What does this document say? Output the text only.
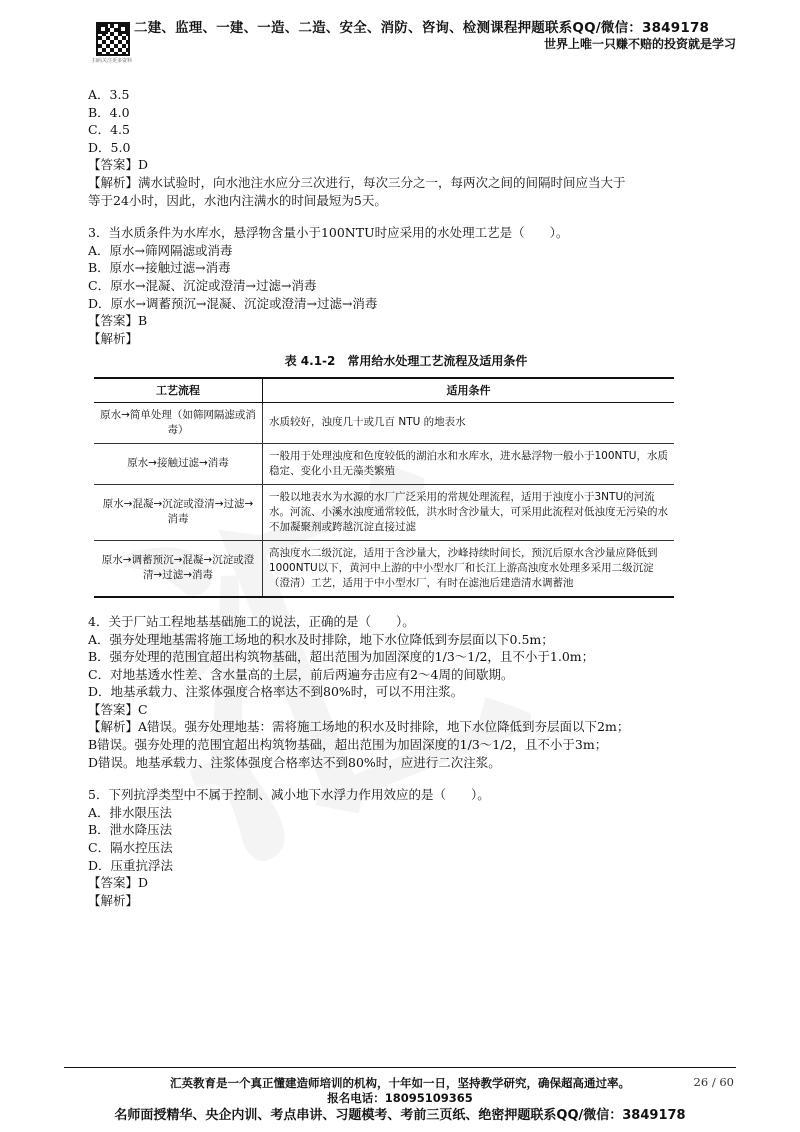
扫码关注更多资料
二建、监理、一建、一造、二造、安全、消防、咨询、检测课程押题联系QQ/微信：3849178
世界上唯一只赚不赔的投资就是学习
A．3.5
B．4.0
C．4.5
D．5.0
【答案】D
【解析】满水试验时，向水池注水应分三次进行，每次三分之一，每两次之间的间隔时间应当大于
等于24小时，因此，水池内注满水的时间最短为5天。
3．当水质条件为水库水，悬浮物含量小于100NTU时应采用的水处理工艺是（　　）。
A．原水→筛网隔滤或消毒
B．原水→接触过滤→消毒
C．原水→混凝、沉淀或澄清→过滤→消毒
D．原水→调蓄预沉→混凝、沉淀或澄清→过滤→消毒
【答案】B
【解析】
表 4.1-2　常用给水处理工艺流程及适用条件
工艺流程	适用条件
原水→简单处理（如筛网隔滤或消毒）	水质较好，浊度几十或几百 NTU 的地表水
原水→接触过滤→消毒	一般用于处理浊度和色度较低的湖泊水和水库水，进水悬浮物一般小于100NTU，水质稳定、变化小且无藻类繁殖
原水→混凝→沉淀或澄清→过滤→消毒	一般以地表水为水源的水厂广泛采用的常规处理流程，适用于浊度小于3NTU的河流水。河流、小溪水浊度通常较低，洪水时含沙量大，可采用此流程对低浊度无污染的水不加凝聚剂或跨越沉淀直接过滤
原水→调蓄预沉→混凝→沉淀或澄清→过滤→消毒	高浊度水二级沉淀，适用于含沙量大，沙峰持续时间长，预沉后原水含沙量应降低到1000NTU以下，黄河中上游的中小型水厂和长江上游高浊度水处理多采用二级沉淀（澄清）工艺，适用于中小型水厂，有时在滤池后建造清水调蓄池
4．关于厂站工程地基基础施工的说法，正确的是（　　）。
A．强夯处理地基需将施工场地的积水及时排除，地下水位降低到夯层面以下0.5m；
B．强夯处理的范围宜超出构筑物基础，超出范围为加固深度的1/3～1/2，且不小于1.0m；
C．对地基透水性差、含水量高的土层，前后两遍夯击应有2～4周的间歇期。
D．地基承载力、注浆体强度合格率达不到80%时，可以不用注浆。
【答案】C
【解析】A错误。强夯处理地基：需将施工场地的积水及时排除，地下水位降低到夯层面以下2m；
B错误。强夯处理的范围宜超出构筑物基础，超出范围为加固深度的1/3～1/2，且不小于3m；
D错误。地基承载力、注浆体强度合格率达不到80%时，应进行二次注浆。
5．下列抗浮类型中不属于控制、减小地下水浮力作用效应的是（　　）。
A．排水限压法
B．泄水降压法
C．隔水控压法
D．压重抗浮法
【答案】D
【解析】
汇英教育是一个真正懂建造师培训的机构，十年如一日，坚持教学研究，确保超高通过率。	26 / 60
报名电话：18095109365
名师面授精华、央企内训、考点串讲、习题模考、考前三页纸、绝密押题联系QQ/微信：3849178
